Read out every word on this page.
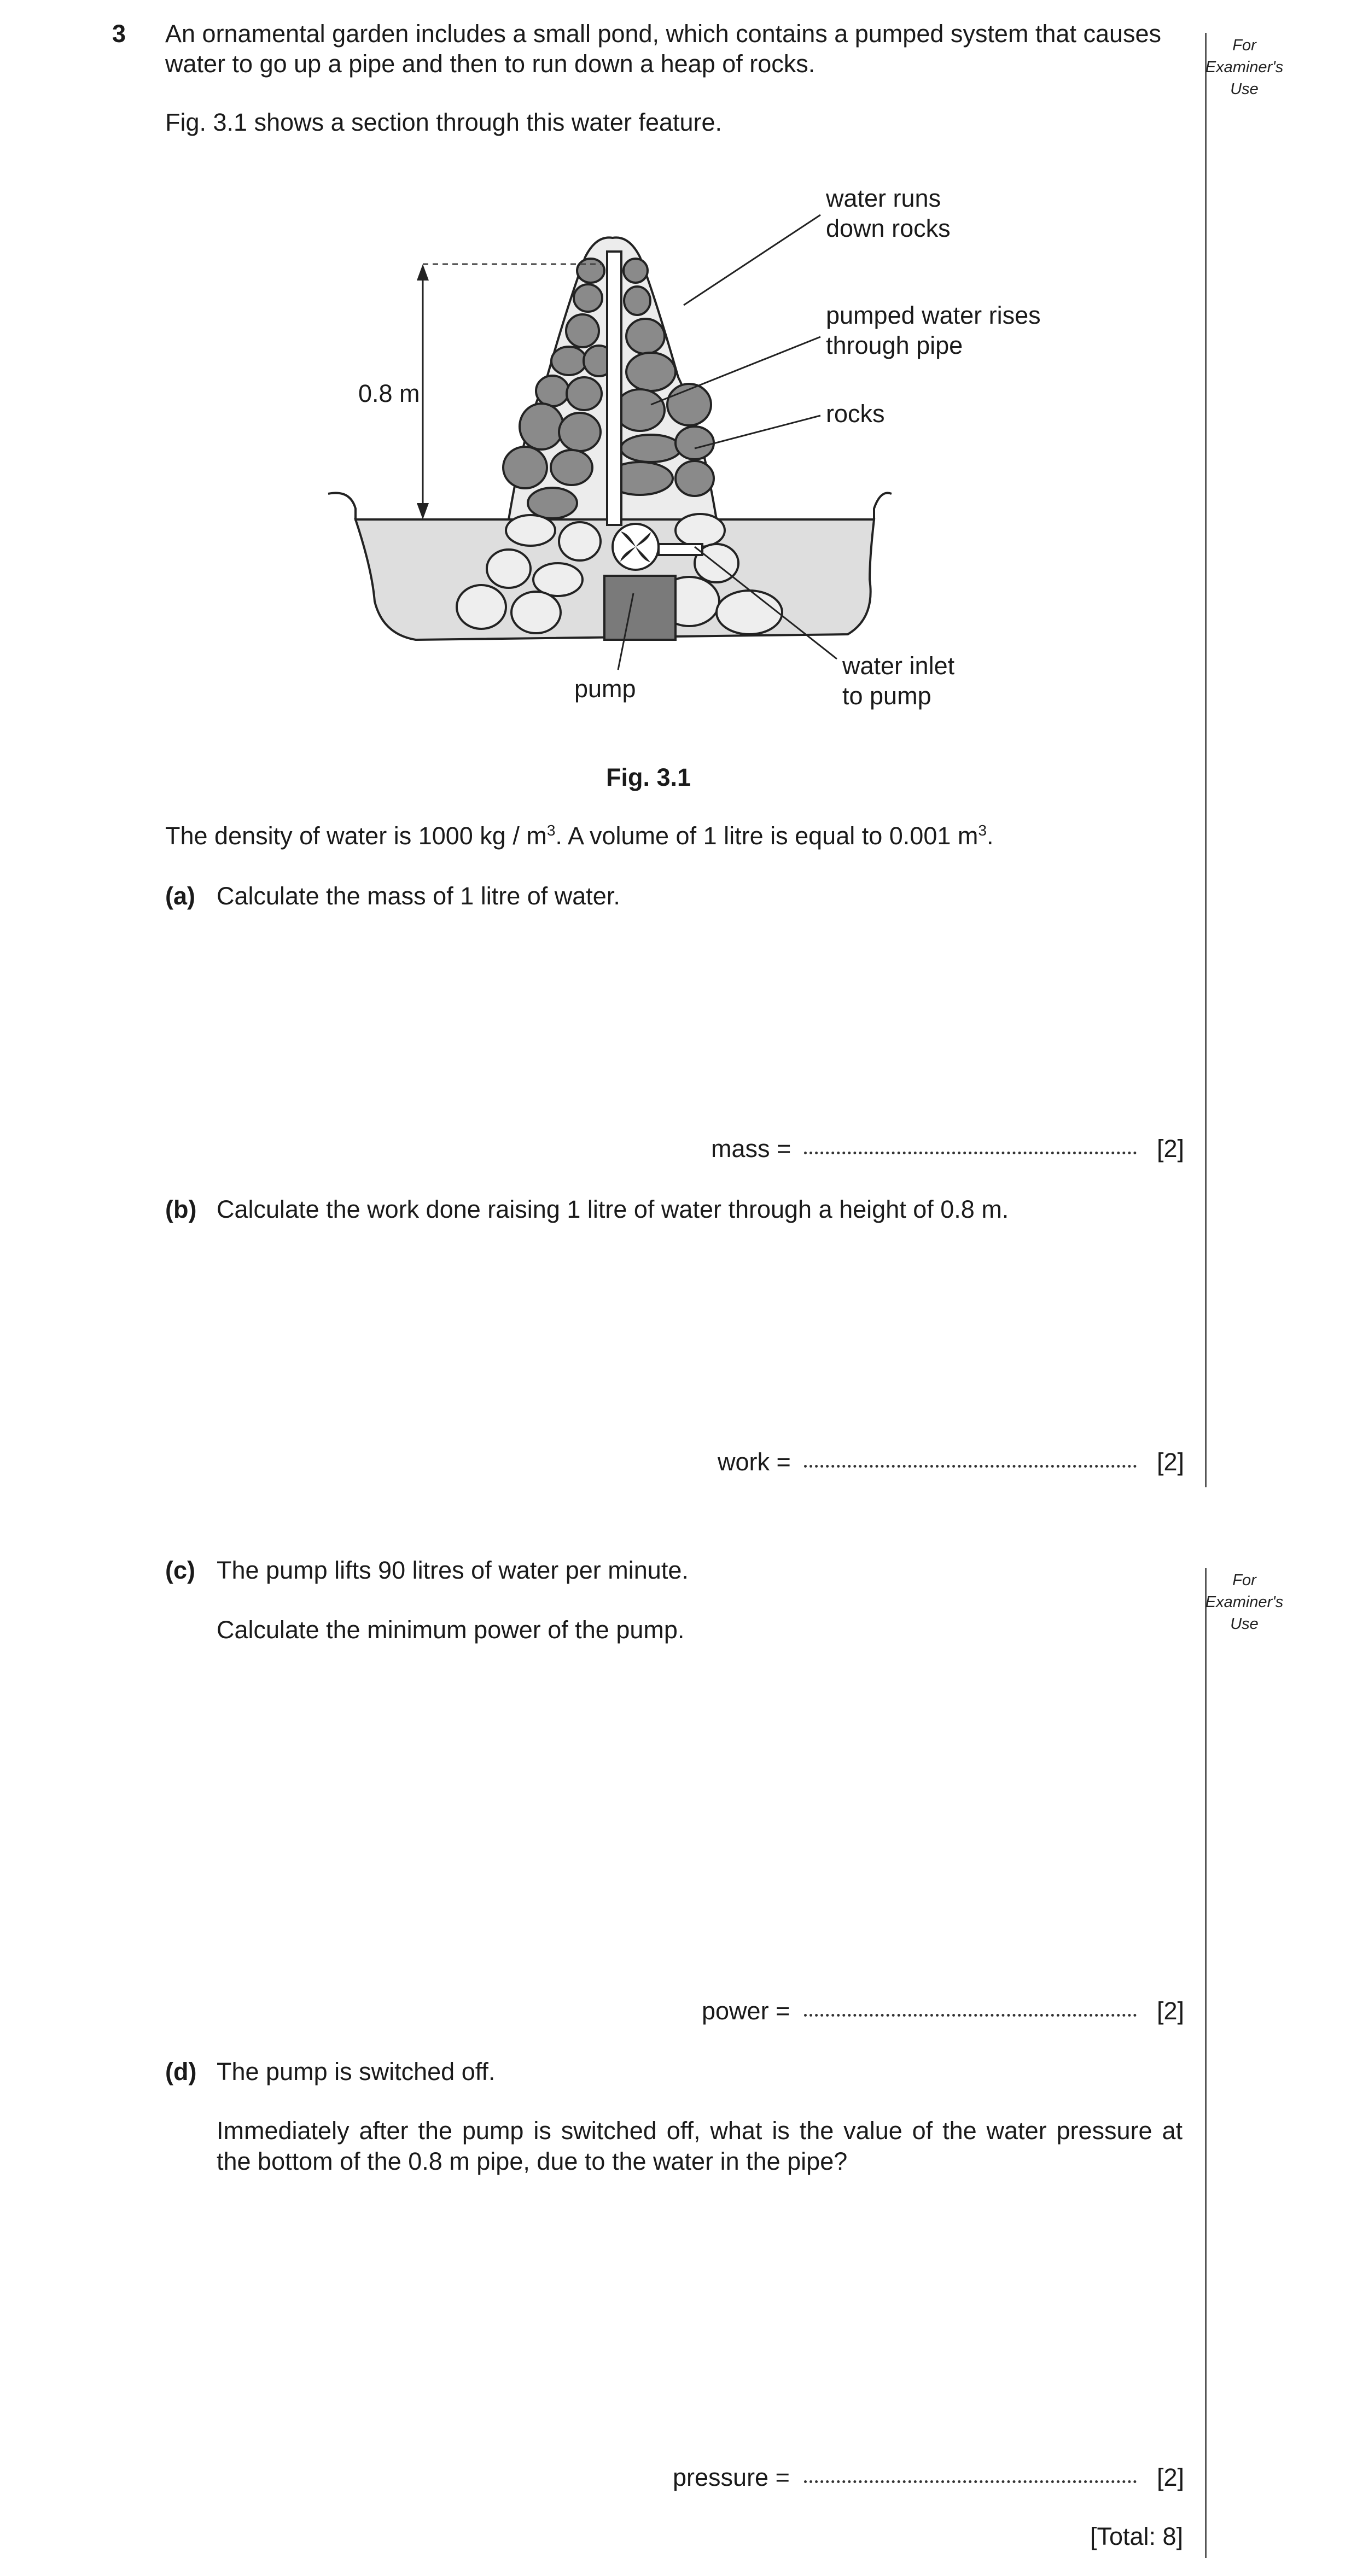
3 An ornamental garden includes a small pond, which contains a pumped system that causes
water to go up a pipe and then to run down a heap of rocks.
Fig. 3.1 shows a section through this water feature.
For
Examiner's
Use
0.8 m
water runs
down rocks
pumped water rises
through pipe
rocks
water inlet
to pump
pump
Fig. 3.1
The density of water is 1000 kg / $m^3$. A volume of 1 litre is equal to 0.001 $m^3$.
(a) Calculate the mass of 1 litre of water.
mass =	[2]
(b) Calculate the work done raising 1 litre of water through a height of 0.8 m.
work =	[2]
For
Examiner's
Use
(c) The pump lifts 90 litres of water per minute.
Calculate the minimum power of the pump.
power =	[2]
(d) The pump is switched off.
Immediately after the pump is switched off, what is the value of the water pressure at
the bottom of the 0.8 m pipe, due to the water in the pipe?
pressure =	[2]
[Total: 8]
